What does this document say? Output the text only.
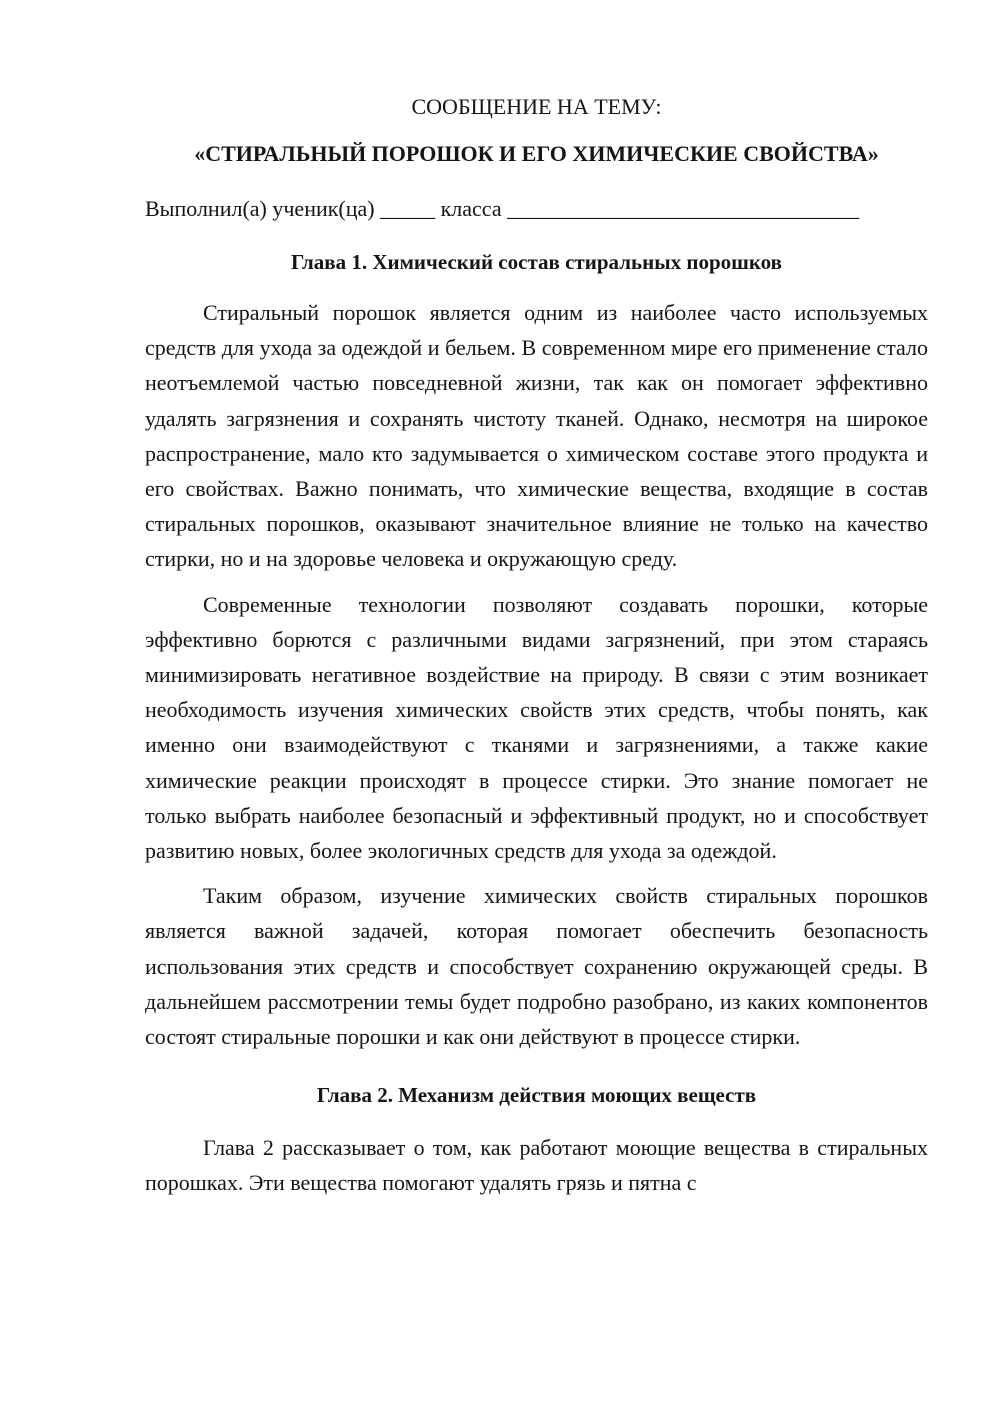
СООБЩЕНИЕ НА ТЕМУ:

«СТИРАЛЬНЫЙ ПОРОШОК И ЕГО ХИМИЧЕСКИЕ СВОЙСТВА»

Выполнил(а) ученик(ца) _____ класса ________________________________
Глава 1. Химический состав стиральных порошков

Стиральный порошок является одним из наиболее часто используемых средств для ухода за одеждой и бельем. В современном мире его применение стало неотъемлемой частью повседневной жизни, так как он помогает эффективно удалять загрязнения и сохранять чистоту тканей. Однако, несмотря на широкое распространение, мало кто задумывается о химическом составе этого продукта и его свойствах. Важно понимать, что химические вещества, входящие в состав стиральных порошков, оказывают значительное влияние не только на качество стирки, но и на здоровье человека и окружающую среду.

Современные технологии позволяют создавать порошки, которые эффективно борются с различными видами загрязнений, при этом стараясь минимизировать негативное воздействие на природу. В связи с этим возникает необходимость изучения химических свойств этих средств, чтобы понять, как именно они взаимодействуют с тканями и загрязнениями, а также какие химические реакции происходят в процессе стирки. Это знание помогает не только выбрать наиболее безопасный и эффективный продукт, но и способствует развитию новых, более экологичных средств для ухода за одеждой.

Таким образом, изучение химических свойств стиральных порошков является важной задачей, которая помогает обеспечить безопасность использования этих средств и способствует сохранению окружающей среды. В дальнейшем рассмотрении темы будет подробно разобрано, из каких компонентов состоят стиральные порошки и как они действуют в процессе стирки.

Глава 2. Механизм действия моющих веществ

Глава 2 рассказывает о том, как работают моющие вещества в стиральных порошках. Эти вещества помогают удалять грязь и пятна с
